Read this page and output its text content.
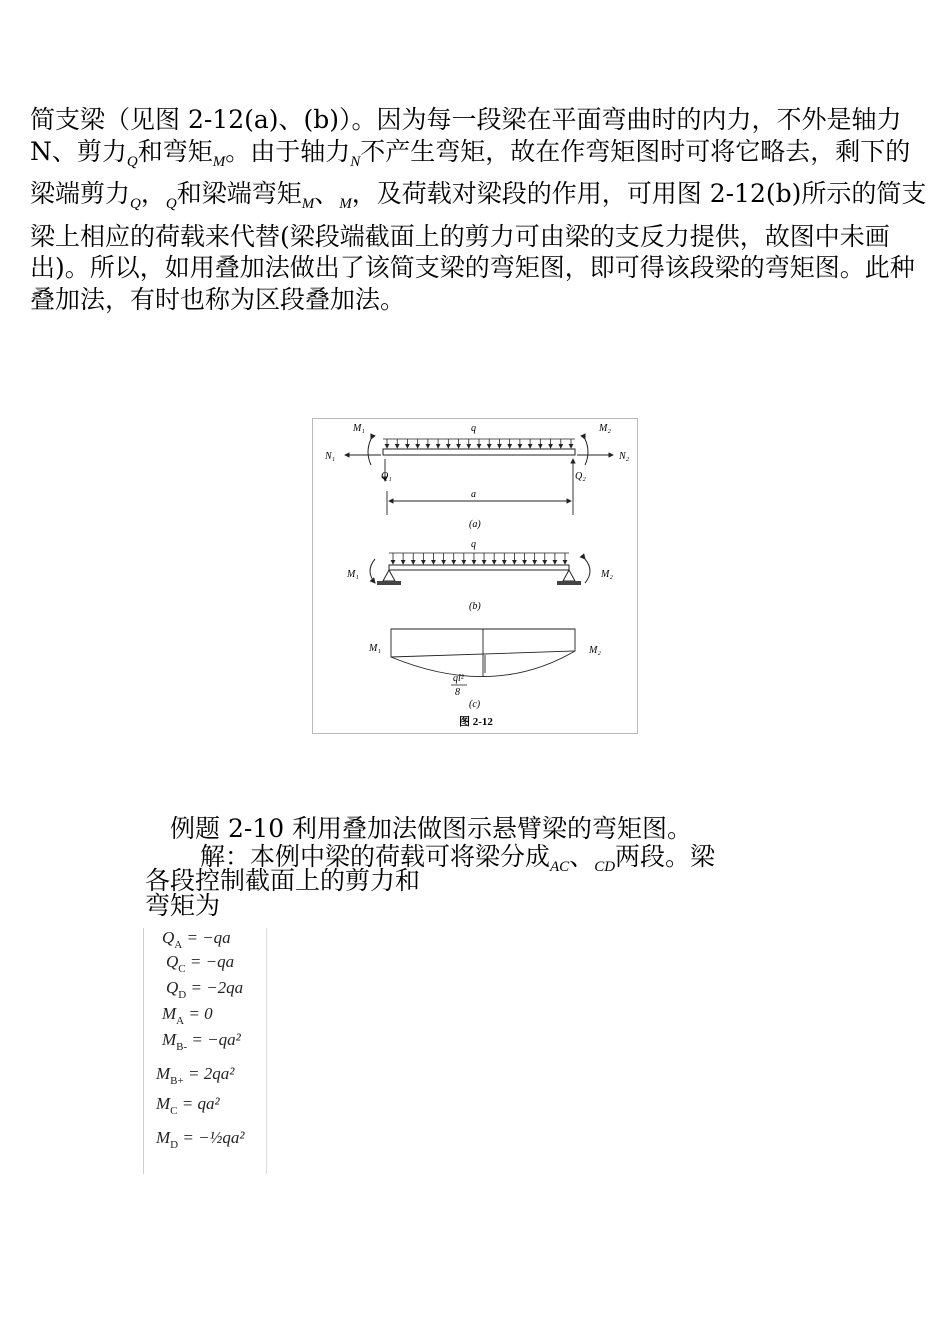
简支梁（见图 2-12(a)、(b)）。因为每一段梁在平面弯曲时的内力，不外是轴力 N、剪力$_Q$和弯矩$_M$。由于轴力$_N$不产生弯矩，故在作弯矩图时可将它略去，剩下的梁端剪力$_Q$，$_Q$和梁端弯矩$_M$、$_M$，及荷载对梁段的作用，可用图 2-12(b)所示的简支梁上相应的荷载来代替(梁段端截面上的剪力可由梁的支反力提供，故图中未画出)。所以，如用叠加法做出了该简支梁的弯矩图，即可得该段梁的弯矩图。此种叠加法，有时也称为区段叠加法。

M₁	M₂
q
N₁	N₂
Q₁	Q₂
a
(a)
q
M₁	M₂
(b)
M₁	M₂
ql²
8
(c)
图 2-12

例题 2-10 利用叠加法做图示悬臂梁的弯矩图。

解：本例中梁的荷载可将梁分成$_{AC}$、$_{CD}$两段。梁

各段控制截面上的剪力和

弯矩为

$Q_A = -qa$
$Q_C = -qa$
$Q_D = -2qa$
$M_A = 0$
$M_{B-} = -qa^2$
$M_{B+} = 2qa^2$
$M_C = qa^2$
$M_D$ = −½qa²
